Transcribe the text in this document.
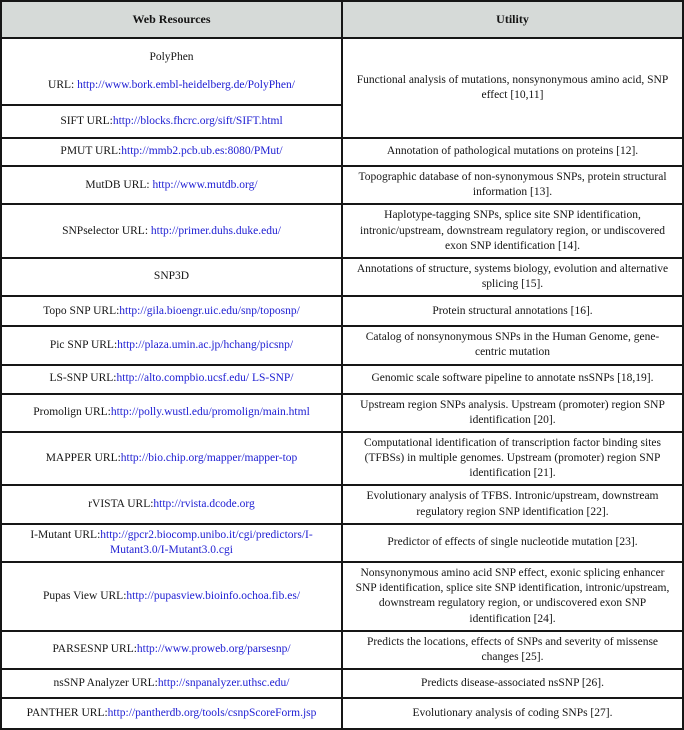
Web Resources	Utility

PolyPhen
URL: http://www.bork.embl-heidelberg.de/PolyPhen/	Functional analysis of mutations, nonsynonymous amino acid, SNP effect [10,11]
SIFT URL:http://blocks.fhcrc.org/sift/SIFT.html	
PMUT URL:http://mmb2.pcb.ub.es:8080/PMut/	Annotation of pathological mutations on proteins [12].
MutDB URL: http://www.mutdb.org/	Topographic database of non-synonymous SNPs, protein structural information [13].
SNPselector URL: http://primer.duhs.duke.edu/	Haplotype-tagging SNPs, splice site SNP identification, intronic/upstream, downstream regulatory region, or undiscovered exon SNP identification [14].
SNP3D	Annotations of structure, systems biology, evolution and alternative splicing [15].
Topo SNP URL:http://gila.bioengr.uic.edu/snp/toposnp/	Protein structural annotations [16].
Pic SNP URL:http://plaza.umin.ac.jp/hchang/picsnp/	Catalog of nonsynonymous SNPs in the Human Genome, gene-centric mutation
LS-SNP URL:http://alto.compbio.ucsf.edu/ LS-SNP/	Genomic scale software pipeline to annotate nsSNPs [18,19].
Promolign URL:http://polly.wustl.edu/promolign/main.html	Upstream region SNPs analysis. Upstream (promoter) region SNP identification [20].
MAPPER URL:http://bio.chip.org/mapper/mapper-top	Computational identification of transcription factor binding sites (TFBSs) in multiple genomes. Upstream (promoter) region SNP identification [21].
rVISTA URL:http://rvista.dcode.org	Evolutionary analysis of TFBS. Intronic/upstream, downstream regulatory region SNP identification [22].
I-Mutant URL:http://gpcr2.biocomp.unibo.it/cgi/predictors/I-Mutant3.0/I-Mutant3.0.cgi	Predictor of effects of single nucleotide mutation [23].
Pupas View URL:http://pupasview.bioinfo.ochoa.fib.es/	Nonsynonymous amino acid SNP effect, exonic splicing enhancer SNP identification, splice site SNP identification, intronic/upstream, downstream regulatory region, or undiscovered exon SNP identification [24].
PARSESNP URL:http://www.proweb.org/parsesnp/	Predicts the locations, effects of SNPs and severity of missense changes [25].
nsSNP Analyzer URL:http://snpanalyzer.uthsc.edu/	Predicts disease-associated nsSNP [26].
PANTHER URL:http://pantherdb.org/tools/csnpScoreForm.jsp	Evolutionary analysis of coding SNPs [27].
